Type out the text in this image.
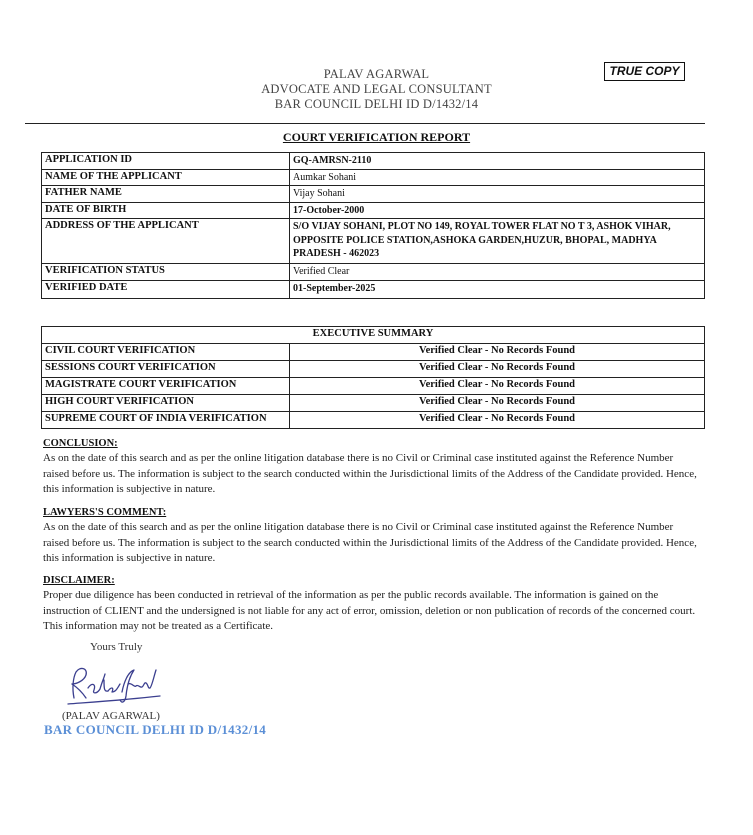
PALAV AGARWAL
ADVOCATE AND LEGAL CONSULTANT
BAR COUNCIL DELHI ID D/1432/14
TRUE COPY
COURT VERIFICATION REPORT
APPLICATION ID	GQ-AMRSN-2110
NAME OF THE APPLICANT	Aumkar Sohani
FATHER NAME	Vijay Sohani
DATE OF BIRTH	17-October-2000
ADDRESS OF THE APPLICANT	S/O VIJAY SOHANI, PLOT NO 149, ROYAL TOWER FLAT NO T 3, ASHOK VIHAR, OPPOSITE POLICE STATION,ASHOKA GARDEN,HUZUR, BHOPAL, MADHYA PRADESH - 462023
VERIFICATION STATUS	Verified Clear
VERIFIED DATE	01-September-2025
EXECUTIVE SUMMARY	
CIVIL COURT VERIFICATION	Verified Clear - No Records Found
SESSIONS COURT VERIFICATION	Verified Clear - No Records Found
MAGISTRATE COURT VERIFICATION	Verified Clear - No Records Found
HIGH COURT VERIFICATION	Verified Clear - No Records Found
SUPREME COURT OF INDIA VERIFICATION	Verified Clear - No Records Found
CONCLUSION:
As on the date of this search and as per the online litigation database there is no Civil or Criminal case instituted against the Reference Number raised before us. The information is subject to the search conducted within the Jurisdictional limits of the Address of the Candidate provided. Hence, this information is subjective in nature.
LAWYERS'S COMMENT:
As on the date of this search and as per the online litigation database there is no Civil or Criminal case instituted against the Reference Number raised before us. The information is subject to the search conducted within the Jurisdictional limits of the Address of the Candidate provided. Hence, this information is subjective in nature.
DISCLAIMER:
Proper due diligence has been conducted in retrieval of the information as per the public records available. The information is gained on the instruction of CLIENT and the undersigned is not liable for any act of error, omission, deletion or non publication of records of the concerned court. This information may not be treated as a Certificate.
Yours Truly
(PALAV AGARWAL)
BAR COUNCIL DELHI ID D/1432/14
